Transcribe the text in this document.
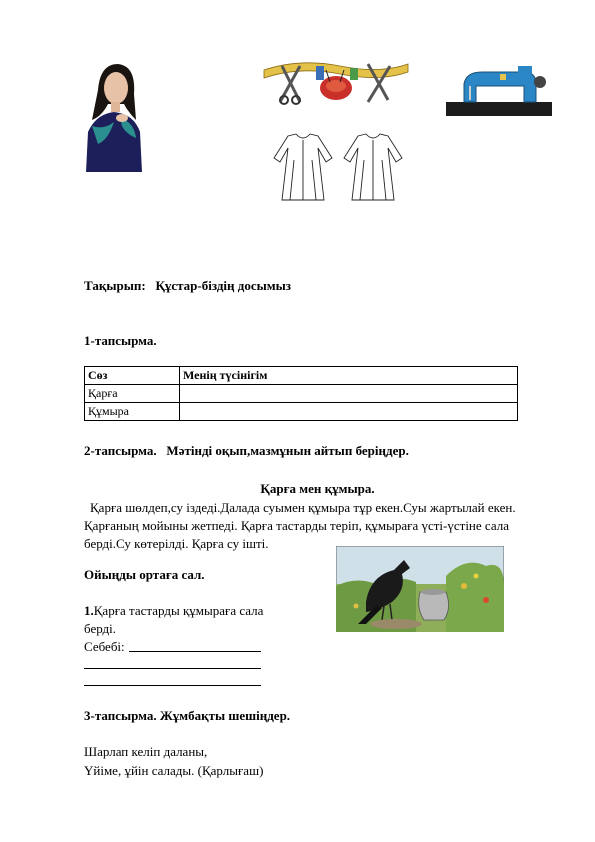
Тақырып: Құстар-біздің досымыз
1-тапсырма.
Сөз	Менің түсінігім
Қарға	
Құмыра	
2-тапсырма. Мәтінді оқып,мазмұнын айтып беріңдер.
Қарға мен құмыра.
Қарға шөлдеп,су іздеді.Далада суымен құмыра тұр екен.Суы жартылай екен.
Қарғаның мойыны жетпеді. Қарға тастарды теріп, құмыраға үсті-үстіне сала
берді.Су көтерілді. Қарға су ішті.
Ойыңды ортаға сал.
1.Қарға тастарды құмыраға сала
берді.
Себебі:
3-тапсырма. Жұмбақты шешіңдер.
Шарлап келіп даланы,
Үйіме, ұйін салады. (Қарлығаш)
